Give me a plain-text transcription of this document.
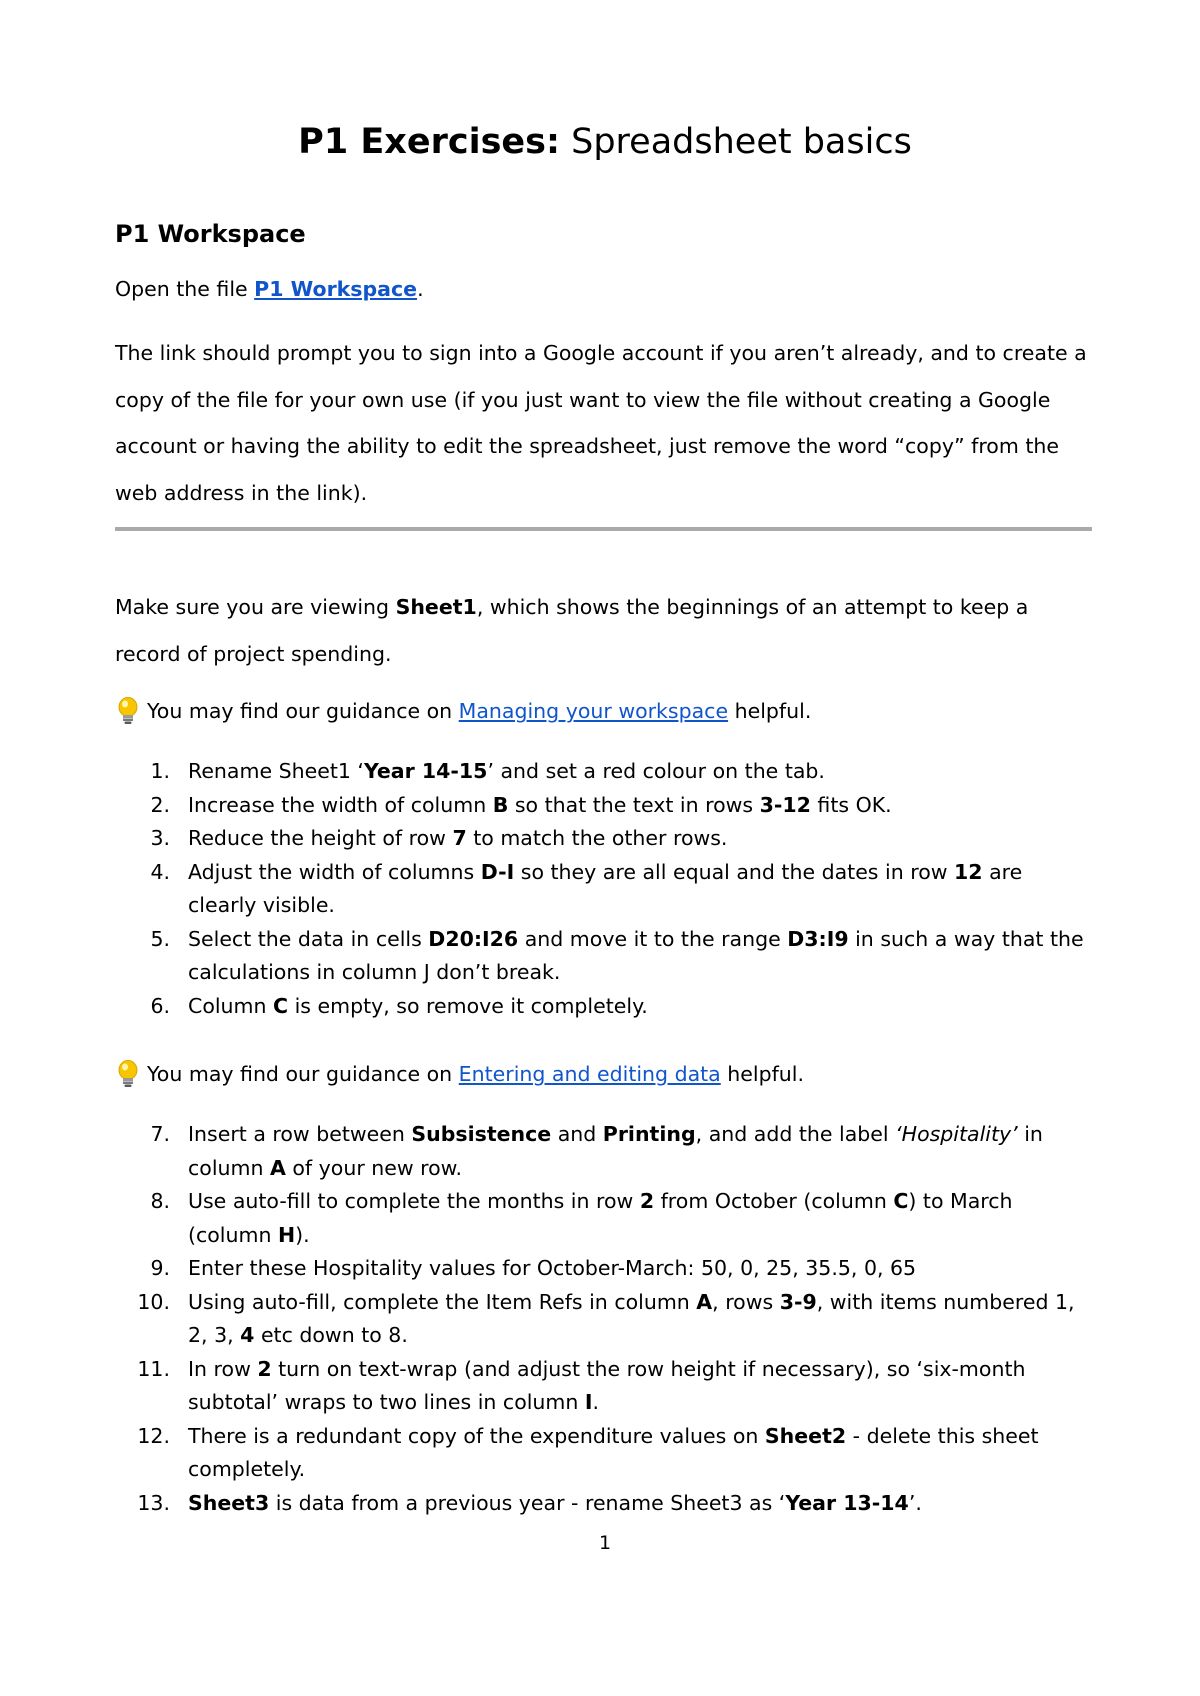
P1 Exercises: Spreadsheet basics
P1 Workspace

Open the file P1 Workspace.

The link should prompt you to sign into a Google account if you aren’t already, and to create a copy of the file for your own use (if you just want to view the file without creating a Google account or having the ability to edit the spreadsheet, just remove the word “copy” from the web address in the link).

Make sure you are viewing Sheet1, which shows the beginnings of an attempt to keep a record of project spending.

You may find our guidance on Managing your workspace helpful.
1. Rename Sheet1 ‘Year 14-15’ and set a red colour on the tab.
2. Increase the width of column B so that the text in rows 3-12 fits OK.
3. Reduce the height of row 7 to match the other rows.
4. Adjust the width of columns D-I so they are all equal and the dates in row 12 are clearly visible.
5. Select the data in cells D20:I26 and move it to the range D3:I9 in such a way that the calculations in column J don’t break.
6. Column C is empty, so remove it completely.
You may find our guidance on Entering and editing data helpful.
7. Insert a row between Subsistence and Printing, and add the label ‘Hospitality’ in column A of your new row.
8. Use auto-fill to complete the months in row 2 from October (column C) to March (column H).
9. Enter these Hospitality values for October-March: 50, 0, 25, 35.5, 0, 65
10. Using auto-fill, complete the Item Refs in column A, rows 3-9, with items numbered 1, 2, 3, 4 etc down to 8.
11. In row 2 turn on text-wrap (and adjust the row height if necessary), so ‘six-month subtotal’ wraps to two lines in column I.
12. There is a redundant copy of the expenditure values on Sheet2 - delete this sheet completely.
13. Sheet3 is data from a previous year - rename Sheet3 as ‘Year 13-14’.
1
